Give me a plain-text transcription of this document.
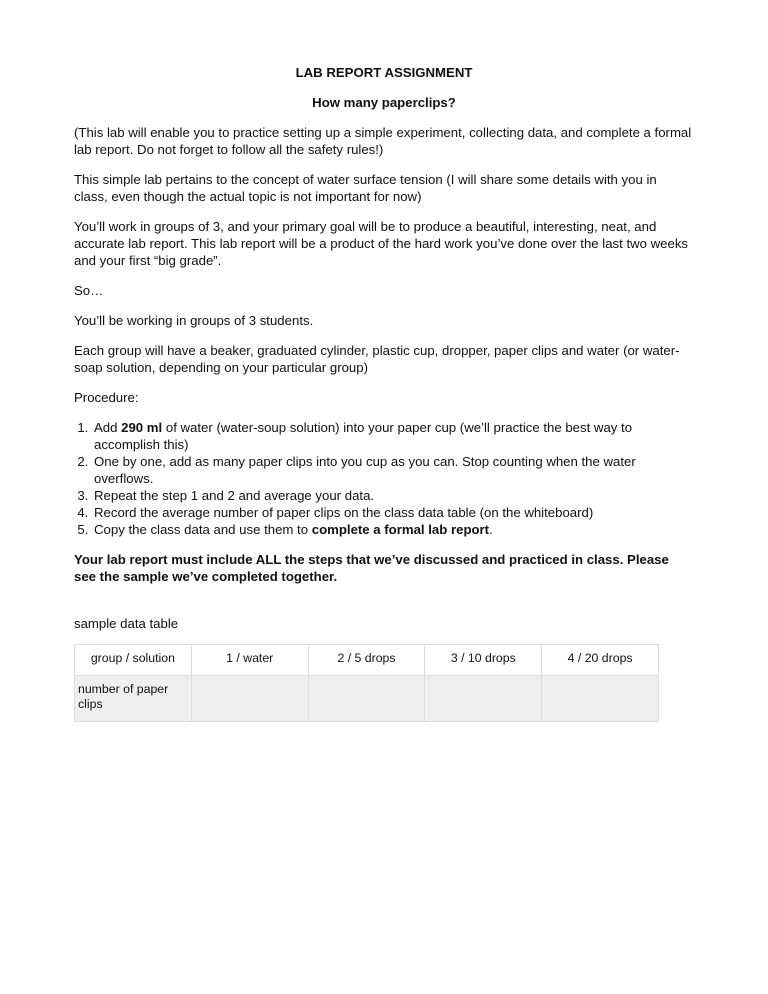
LAB REPORT ASSIGNMENT
How many paperclips?

(This lab will enable you to practice setting up a simple experiment, collecting data, and complete a formal lab report. Do not forget to follow all the safety rules!)

This simple lab pertains to the concept of water surface tension (I will share some details with you in class, even though the actual topic is not important for now)

You’ll work in groups of 3, and your primary goal will be to produce a beautiful, interesting, neat, and accurate lab report. This lab report will be a product of the hard work you’ve done over the last two weeks and your first “big grade”.

So…

You’ll be working in groups of 3 students.

Each group will have a beaker, graduated cylinder, plastic cup, dropper, paper clips and water (or water-soap solution, depending on your particular group)

Procedure:

1. Add 290 ml of water (water-soup solution) into your paper cup (we’ll practice the best way to accomplish this)
2. One by one, add as many paper clips into you cup as you can. Stop counting when the water overflows.
3. Repeat the step 1 and 2 and average your data.
4. Record the average number of paper clips on the class data table (on the whiteboard)
5. Copy the class data and use them to complete a formal lab report.

Your lab report must include ALL the steps that we’ve discussed and practiced in class. Please see the sample we’ve completed together.

sample data table

group / solution	1 / water	2 / 5 drops	3 / 10 drops	4 / 20 drops
number of paper clips				
